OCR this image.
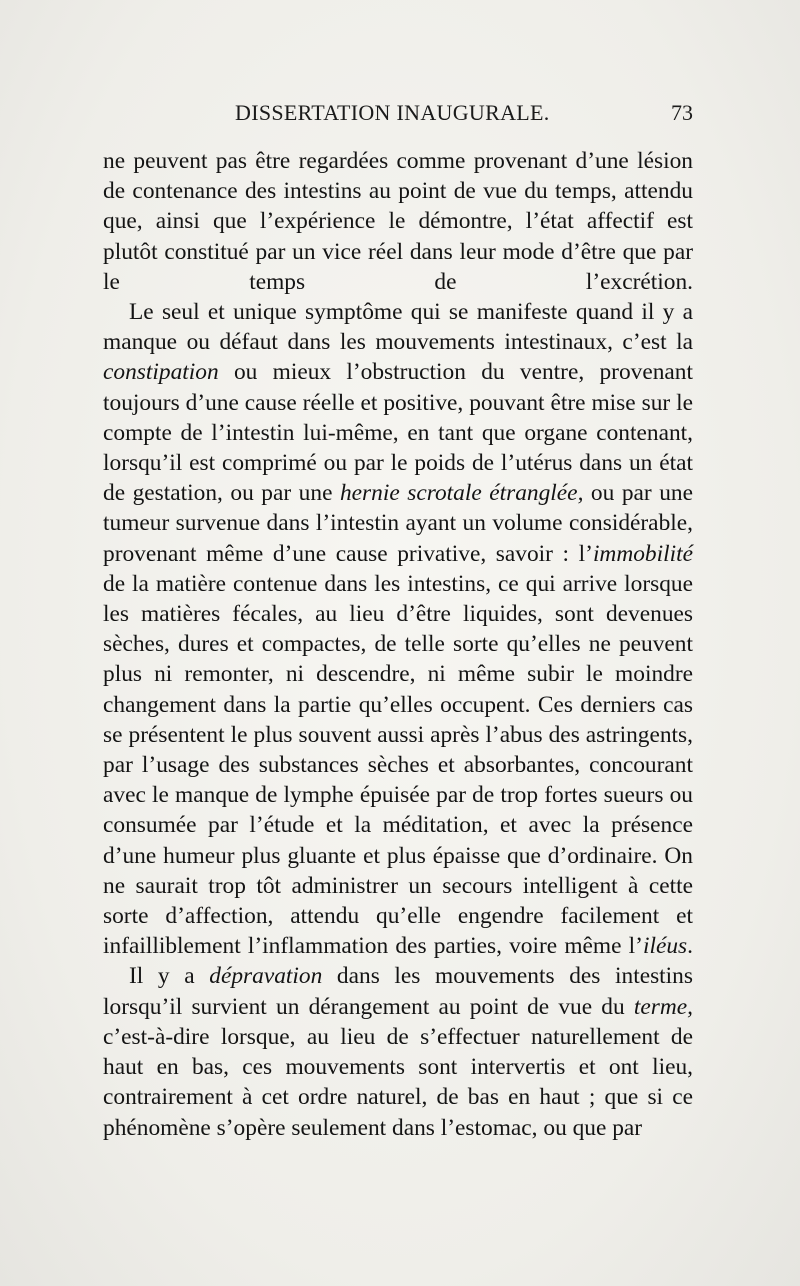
DISSERTATION INAUGURALE.	73

ne peuvent pas être regardées comme provenant d’une lésion de contenance des intestins au point de vue du temps, attendu que, ainsi que l’expérience le démontre, l’état affectif est plutôt constitué par un vice réel dans leur mode d’être que par le temps de l’excrétion.

Le seul et unique symptôme qui se manifeste quand il y a manque ou défaut dans les mouvements intestinaux, c’est la constipation ou mieux l’obstruction du ventre, provenant toujours d’une cause réelle et positive, pouvant être mise sur le compte de l’intestin lui-même, en tant que organe contenant, lorsqu’il est comprimé ou par le poids de l’utérus dans un état de gestation, ou par une hernie scrotale étranglée, ou par une tumeur survenue dans l’intestin ayant un volume considérable, provenant même d’une cause privative, savoir : l’immobilité de la matière contenue dans les intestins, ce qui arrive lorsque les matières fécales, au lieu d’être liquides, sont devenues sèches, dures et compactes, de telle sorte qu’elles ne peuvent plus ni remonter, ni descendre, ni même subir le moindre changement dans la partie qu’elles occupent. Ces derniers cas se présentent le plus souvent aussi après l’abus des astringents, par l’usage des substances sèches et absorbantes, concourant avec le manque de lymphe épuisée par de trop fortes sueurs ou consumée par l’étude et la méditation, et avec la présence d’une humeur plus gluante et plus épaisse que d’ordinaire. On ne saurait trop tôt administrer un secours intelligent à cette sorte d’affection, attendu qu’elle engendre facilement et infailliblement l’inflammation des parties, voire même l’iléus.

Il y a dépravation dans les mouvements des intestins lorsqu’il survient un dérangement au point de vue du terme, c’est-à-dire lorsque, au lieu de s’effectuer naturellement de haut en bas, ces mouvements sont intervertis et ont lieu, contrairement à cet ordre naturel, de bas en haut ; que si ce phénomène s’opère seulement dans l’estomac, ou que par
